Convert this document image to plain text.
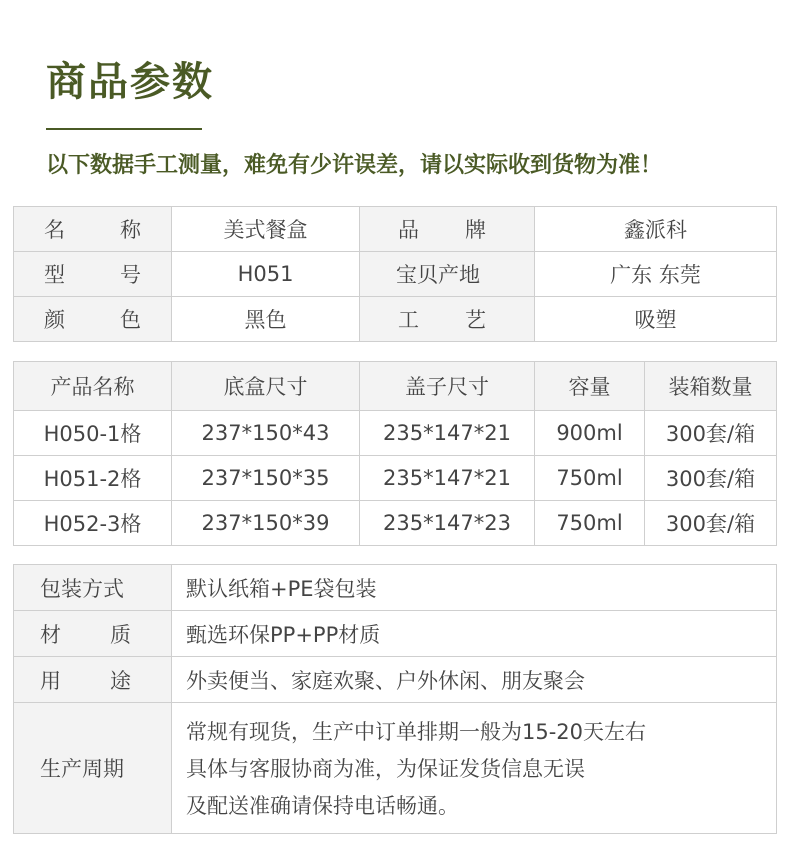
商品参数
以下数据手工测量，难免有少许误差，请以实际收到货物为准！
名 称	美式餐盒	品 牌	鑫派科

型 号	H051	宝贝产地	广东 东莞

颜 色	黑色	工 艺	吸塑
产品名称	底盒尺寸	盖子尺寸	容量	装箱数量
H050-1格	237*150*43	235*147*21	900ml	300套/箱
H051-2格	237*150*35	235*147*21	750ml	300套/箱
H052-3格	237*150*39	235*147*23	750ml	300套/箱
包装方式	默认纸箱+PE袋包装

材 质	甄选环保PP+PP材质

用 途	外卖便当、家庭欢聚、户外休闲、朋友聚会
生产周期	常规有现货，生产中订单排期一般为15-20天左右
具体与客服协商为准，为保证发货信息无误
及配送准确请保持电话畅通。
